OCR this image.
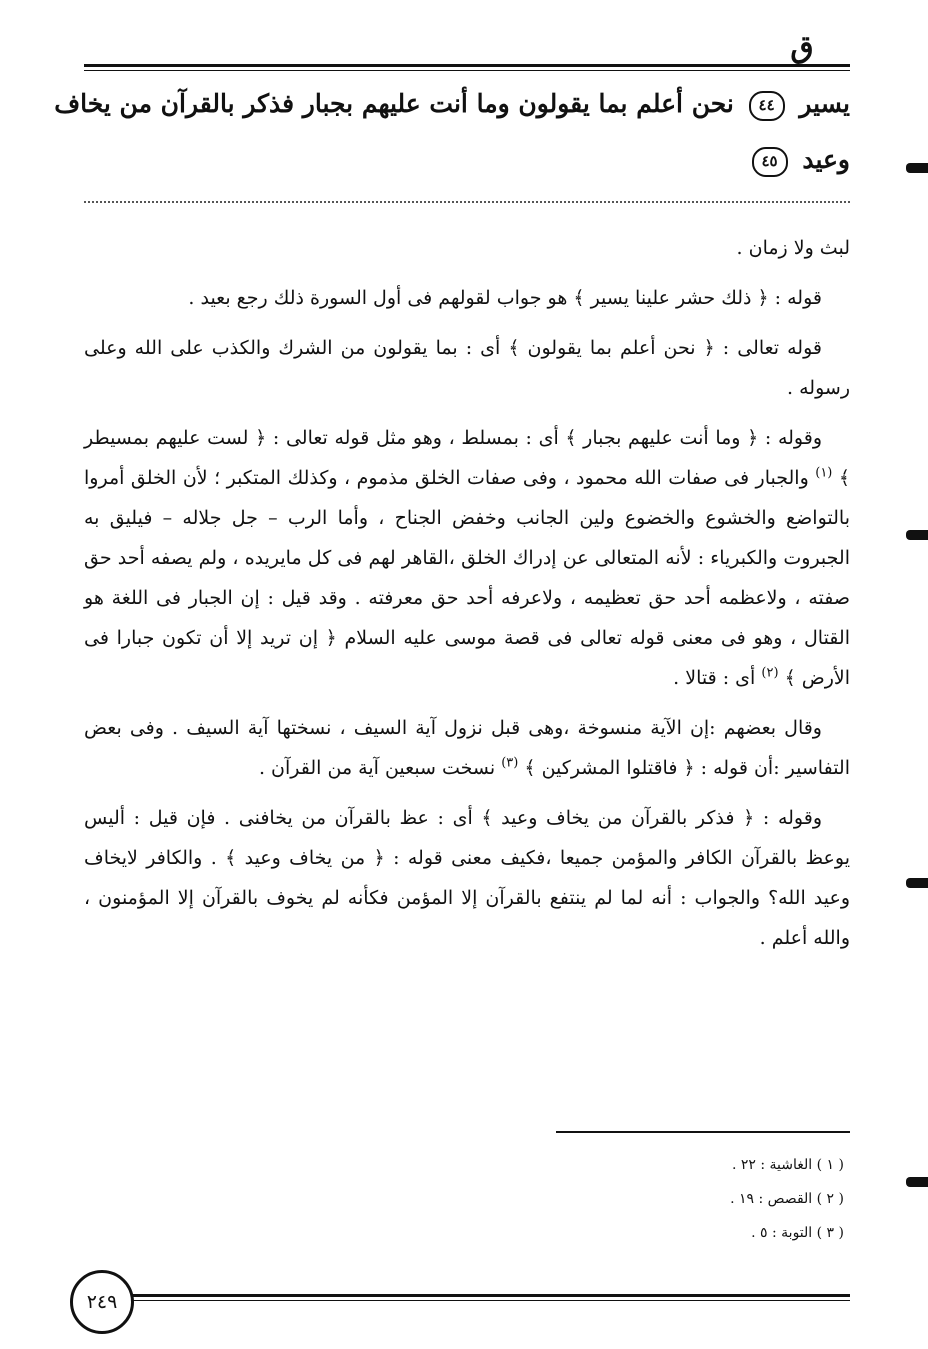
ق
يسير ٤٤ نحن أعلم بما يقولون وما أنت عليهم بجبار فذكر بالقرآن من يخاف
وعيد ٤٥

لبث ولا زمان .

قوله : ﴿ ذلك حشر علينا يسير ﴾ هو جواب لقولهم فى أول السورة ذلك رجع بعيد .

قوله تعالى : ﴿ نحن أعلم بما يقولون ﴾ أى : بما يقولون من الشرك والكذب على الله وعلى رسوله .

وقوله : ﴿ وما أنت عليهم بجبار ﴾ أى : بمسلط ، وهو مثل قوله تعالى : ﴿ لست عليهم بمسيطر ﴾ $^{(١)}$ والجبار فى صفات الله محمود ، وفى صفات الخلق مذموم ، وكذلك المتكبر ؛ لأن الخلق أمروا بالتواضع والخشوع والخضوع ولين الجانب وخفض الجناح ، وأما الرب – جل جلاله – فيليق به الجبروت والكبرياء : لأنه المتعالى عن إدراك الخلق ،القاهر لهم فى كل مايريده ، ولم يصفه أحد حق صفته ، ولاعظمه أحد حق تعظيمه ، ولاعرفه أحد حق معرفته . وقد قيل : إن الجبار فى اللغة هو القتال ، وهو فى معنى قوله تعالى فى قصة موسى عليه السلام ﴿ إن تريد إلا أن تكون جبارا فى الأرض ﴾ $^{(٢)}$ أى : قتالا .

وقال بعضهم :إن الآية منسوخة ،وهى قبل نزول آية السيف ، نسختها آية السيف . وفى بعض التفاسير :أن قوله : ﴿ فاقتلوا المشركين ﴾ $^{(٣)}$ نسخت سبعين آية من القرآن .

وقوله : ﴿ فذكر بالقرآن من يخاف وعيد ﴾ أى : عظ بالقرآن من يخافنى . فإن قيل : أليس يوعظ بالقرآن الكافر والمؤمن جميعا ،فكيف معنى قوله : ﴿ من يخاف وعيد ﴾ . والكافر لايخاف وعيد الله؟ والجواب : أنه لما لم ينتفع بالقرآن إلا المؤمن فكأنه لم يخوف بالقرآن إلا المؤمنون ، والله أعلم .

( ١ ) الغاشية : ٢٢ .
( ٢ ) القصص : ١٩ .
( ٣ ) التوبة : ٥ .
٢٤٩
